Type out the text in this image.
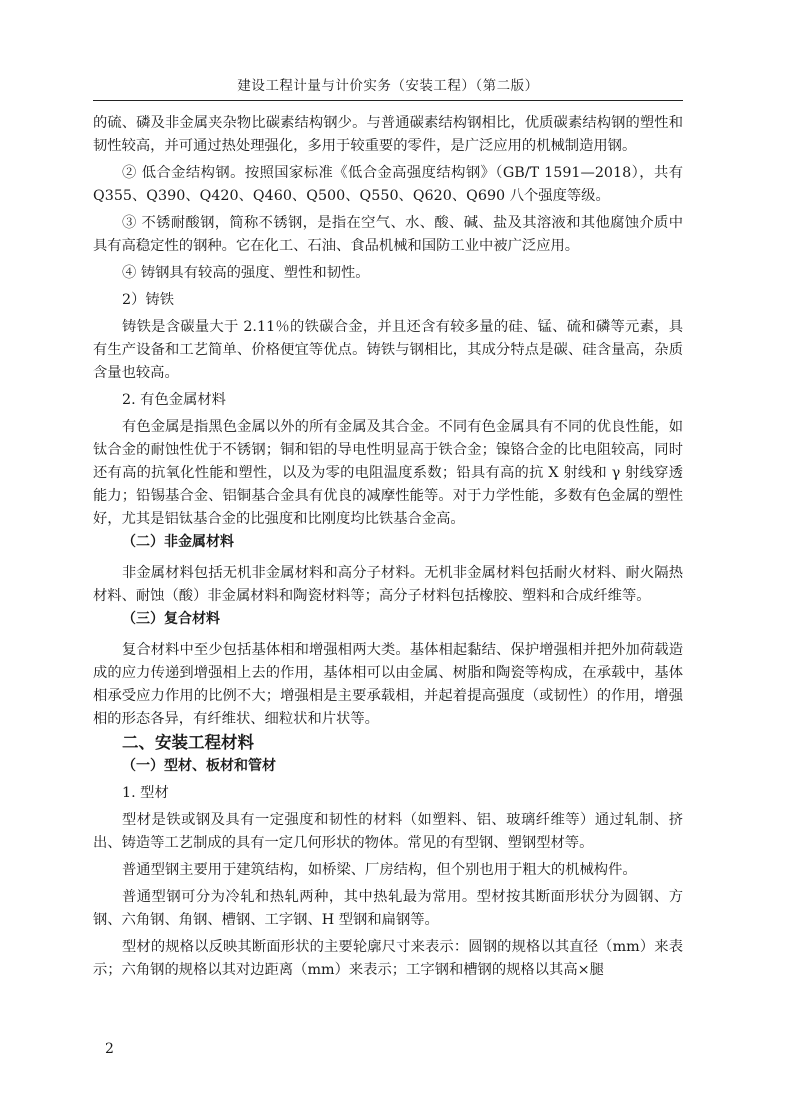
建设工程计量与计价实务（安装工程）（第二版）

的硫、磷及非金属夹杂物比碳素结构钢少。与普通碳素结构钢相比，优质碳素结构钢的塑性和韧性较高，并可通过热处理强化，多用于较重要的零件，是广泛应用的机械制造用钢。

② 低合金结构钢。按照国家标准《低合金高强度结构钢》（GB/T 1591—2018），共有 Q355、Q390、Q420、Q460、Q500、Q550、Q620、Q690 八个强度等级。

③ 不锈耐酸钢，简称不锈钢，是指在空气、水、酸、碱、盐及其溶液和其他腐蚀介质中具有高稳定性的钢种。它在化工、石油、食品机械和国防工业中被广泛应用。

④ 铸钢具有较高的强度、塑性和韧性。

2）铸铁

铸铁是含碳量大于 2.11％的铁碳合金，并且还含有较多量的硅、锰、硫和磷等元素，具有生产设备和工艺简单、价格便宜等优点。铸铁与钢相比，其成分特点是碳、硅含量高，杂质含量也较高。

2. 有色金属材料

有色金属是指黑色金属以外的所有金属及其合金。不同有色金属具有不同的优良性能，如钛合金的耐蚀性优于不锈钢；铜和铝的导电性明显高于铁合金；镍铬合金的比电阻较高，同时还有高的抗氧化性能和塑性，以及为零的电阻温度系数；铅具有高的抗 X 射线和 γ 射线穿透能力；铅锡基合金、铝铜基合金具有优良的减摩性能等。对于力学性能，多数有色金属的塑性好，尤其是铝钛基合金的比强度和比刚度均比铁基合金高。

（二）非金属材料

非金属材料包括无机非金属材料和高分子材料。无机非金属材料包括耐火材料、耐火隔热材料、耐蚀（酸）非金属材料和陶瓷材料等；高分子材料包括橡胶、塑料和合成纤维等。

（三）复合材料

复合材料中至少包括基体相和增强相两大类。基体相起黏结、保护增强相并把外加荷载造成的应力传递到增强相上去的作用，基体相可以由金属、树脂和陶瓷等构成，在承载中，基体相承受应力作用的比例不大；增强相是主要承载相，并起着提高强度（或韧性）的作用，增强相的形态各异，有纤维状、细粒状和片状等。

二、安装工程材料

（一）型材、板材和管材

1. 型材

型材是铁或钢及具有一定强度和韧性的材料（如塑料、铝、玻璃纤维等）通过轧制、挤出、铸造等工艺制成的具有一定几何形状的物体。常见的有型钢、塑钢型材等。

普通型钢主要用于建筑结构，如桥梁、厂房结构，但个别也用于粗大的机械构件。

普通型钢可分为冷轧和热轧两种，其中热轧最为常用。型材按其断面形状分为圆钢、方钢、六角钢、角钢、槽钢、工字钢、H 型钢和扁钢等。

型材的规格以反映其断面形状的主要轮廓尺寸来表示：圆钢的规格以其直径（mm）来表示；六角钢的规格以其对边距离（mm）来表示；工字钢和槽钢的规格以其高×腿

2
